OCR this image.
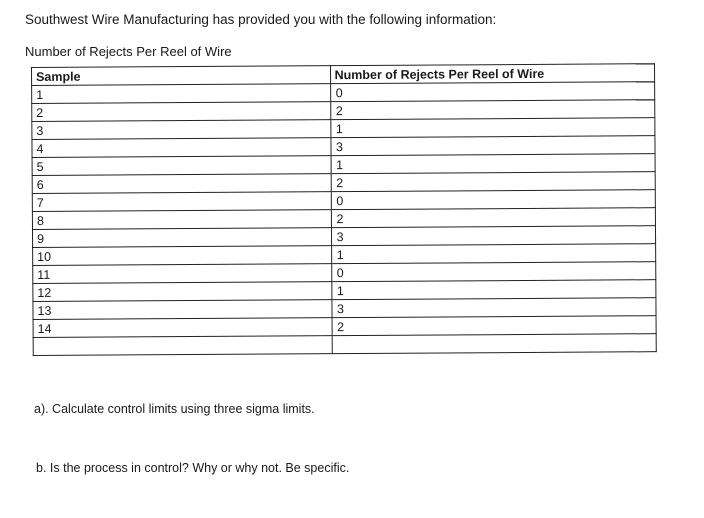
Southwest Wire Manufacturing has provided you with the following information:
Number of Rejects Per Reel of Wire
Sample	Number of Rejects Per Reel of Wire
1	0
2	2
3	1
4	3
5	1
6	2
7	0
8	2
9	3
10	1
11	0
12	1
13	3
14	2

a). Calculate control limits using three sigma limits.
b. Is the process in control? Why or why not. Be specific.
